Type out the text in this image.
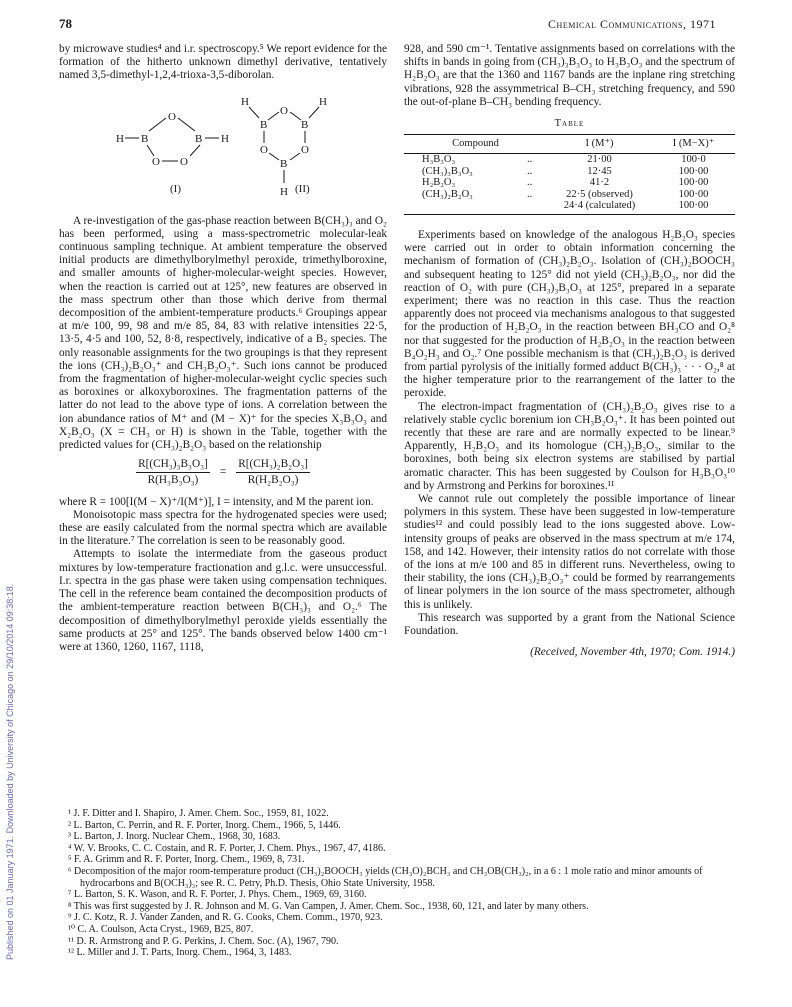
Published on 01 January 1971. Downloaded by University of Chicago on 29/10/2014 09:38:18.
78	Chemical Communications, 1971

by microwave studies⁴ and i.r. spectroscopy.⁵ We report evidence for the formation of the hitherto unknown dimethyl derivative, tentatively named 3,5-dimethyl-1,2,4-trioxa-3,5-diborolan.

H B
O
B H
O O
(I)
H
B
O
B
H
O	O
B
H (II)

A re-investigation of the gas-phase reaction between B(CH₃)₃ and O₂ has been performed, using a mass-spectrometric molecular-leak continuous sampling technique. At ambient temperature the observed initial products are dimethylborylmethyl peroxide, trimethylboroxine, and smaller amounts of higher-molecular-weight species. However, when the reaction is carried out at 125°, new features are observed in the mass spectrum other than those which derive from thermal decomposition of the ambient-temperature products.⁶ Groupings appear at m/e 100, 99, 98 and m/e 85, 84, 83 with relative intensities 22·5, 13·5, 4·5 and 100, 52, 8·8, respectively, indicative of a B₂ species. The only reasonable assignments for the two groupings is that they represent the ions (CH₃)₂B₂O₃⁺ and CH₃B₂O₃⁺. Such ions cannot be produced from the fragmentation of higher-molecular-weight cyclic species such as boroxines or alkoxyboroxines. The fragmentation patterns of the latter do not lead to the above type of ions. A correlation between the ion abundance ratios of M⁺ and (M − X)⁺ for the species X₃B₃O₃ and X₂B₂O₃ (X = CH₃ or H) is shown in the Table, together with the predicted values for (CH₃)₂B₂O₃ based on the relationship

$\frac{\text{R[(CH₃)₃B₃O₃]}}{\text{R(H₃B₃O₃)}} = \frac{\text{R[(CH₃)₂B₂O₃]}}{\text{R(H₂B₂O₃)}}$

where R = 100[I(M − X)⁺/I(M⁺)], I = intensity, and M the parent ion.

Monoisotopic mass spectra for the hydrogenated species were used; these are easily calculated from the normal spectra which are available in the literature.⁷ The correlation is seen to be reasonably good.

Attempts to isolate the intermediate from the gaseous product mixtures by low-temperature fractionation and g.l.c. were unsuccessful. I.r. spectra in the gas phase were taken using compensation techniques. The cell in the reference beam contained the decomposition products of the ambient-temperature reaction between B(CH₃)₃ and O₂.⁶ The decomposition of dimethylborylmethyl peroxide yields essentially the same products at 25° and 125°. The bands observed below 1400 cm⁻¹ were at 1360, 1260, 1167, 1118,

928, and 590 cm⁻¹. Tentative assignments based on correlations with the shifts in bands in going from (CH₃)₃B₃O₃ to H₃B₃O₃ and the spectrum of H₂B₂O₃ are that the 1360 and 1167 bands are the inplane ring stretching vibrations, 928 the assymmetrical B–CH₃ stretching frequency, and 590 the out-of-plane B–CH₃ bending frequency.

Table
Compound		I (M⁺)	I (M−X)⁺
H₃B₃O₃	..	21·00	100·0
(CH₃)₃B₃O₃	..	12·45	100·00
H₂B₂O₃	..	41·2	100·00
(CH₃)₂B₂O₃	..	22·5 (observed)	100·00
		24·4 (calculated)	100·00

Experiments based on knowledge of the analogous H₂B₂O₃ species were carried out in order to obtain information concerning the mechanism of formation of (CH₃)₂B₂O₃. Isolation of (CH₃)₂BOOCH₃ and subsequent heating to 125° did not yield (CH₃)₂B₂O₃, nor did the reaction of O₂ with pure (CH₃)₃B₃O₃ at 125°, prepared in a separate experiment; there was no reaction in this case. Thus the reaction apparently does not proceed via mechanisms analogous to that suggested for the production of H₂B₂O₃ in the reaction between BH₃CO and O₂⁸ nor that suggested for the production of H₂B₂O₃ in the reaction between B₄O₂H₃ and O₂.⁷ One possible mechanism is that (CH₃)₂B₂O₃ is derived from partial pyrolysis of the initially formed adduct B(CH₃)₃ · · · O₂,⁸ at the higher temperature prior to the rearrangement of the latter to the peroxide.

The electron-impact fragmentation of (CH₃)₂B₂O₃ gives rise to a relatively stable cyclic borenium ion CH₃B₂O₃⁺. It has been pointed out recently that these are rare and are normally expected to be linear.⁹ Apparently, H₂B₂O₃ and its homologue (CH₃)₂B₂O₃, similar to the boroxines, both being six electron systems are stabilised by partial aromatic character. This has been suggested by Coulson for H₃B₃O₃¹⁰ and by Armstrong and Perkins for boroxines.¹¹

We cannot rule out completely the possible importance of linear polymers in this system. These have been suggested in low-temperature studies¹² and could possibly lead to the ions suggested above. Low-intensity groups of peaks are observed in the mass spectrum at m/e 174, 158, and 142. However, their intensity ratios do not correlate with those of the ions at m/e 100 and 85 in different runs. Nevertheless, owing to their stability, the ions (CH₃)₂B₂O₃⁺ could be formed by rearrangements of linear polymers in the ion source of the mass spectrometer, although this is unlikely.

This research was supported by a grant from the National Science Foundation.

(Received, November 4th, 1970; Com. 1914.)
¹ J. F. Ditter and I. Shapiro, J. Amer. Chem. Soc., 1959, 81, 1022.
² L. Barton, C. Perrin, and R. F. Porter, Inorg. Chem., 1966, 5, 1446.
³ L. Barton, J. Inorg. Nuclear Chem., 1968, 30, 1683.
⁴ W. V. Brooks, C. C. Costain, and R. F. Porter, J. Chem. Phys., 1967, 47, 4186.
⁵ F. A. Grimm and R. F. Porter, Inorg. Chem., 1969, 8, 731.
⁶ Decomposition of the major room-temperature product (CH₃)₂BOOCH₃ yields (CH₃O)₂BCH₃ and CH₃OB(CH₃)₂, in a 6 : 1 mole ratio and minor amounts of hydrocarbons and B(OCH₃)₃; see R. C. Petry, Ph.D. Thesis, Ohio State University, 1958.
⁷ L. Barton, S. K. Wason, and R. F. Porter, J. Phys. Chem., 1969, 69, 3160.
⁸ This was first suggested by J. R. Johnson and M. G. Van Campen, J. Amer. Chem. Soc., 1938, 60, 121, and later by many others.
⁹ J. C. Kotz, R. J. Vander Zanden, and R. G. Cooks, Chem. Comm., 1970, 923.
¹⁰ C. A. Coulson, Acta Cryst., 1969, B25, 807.
¹¹ D. R. Armstrong and P. G. Perkins, J. Chem. Soc. (A), 1967, 790.
¹² L. Miller and J. T. Parts, Inorg. Chem., 1964, 3, 1483.
